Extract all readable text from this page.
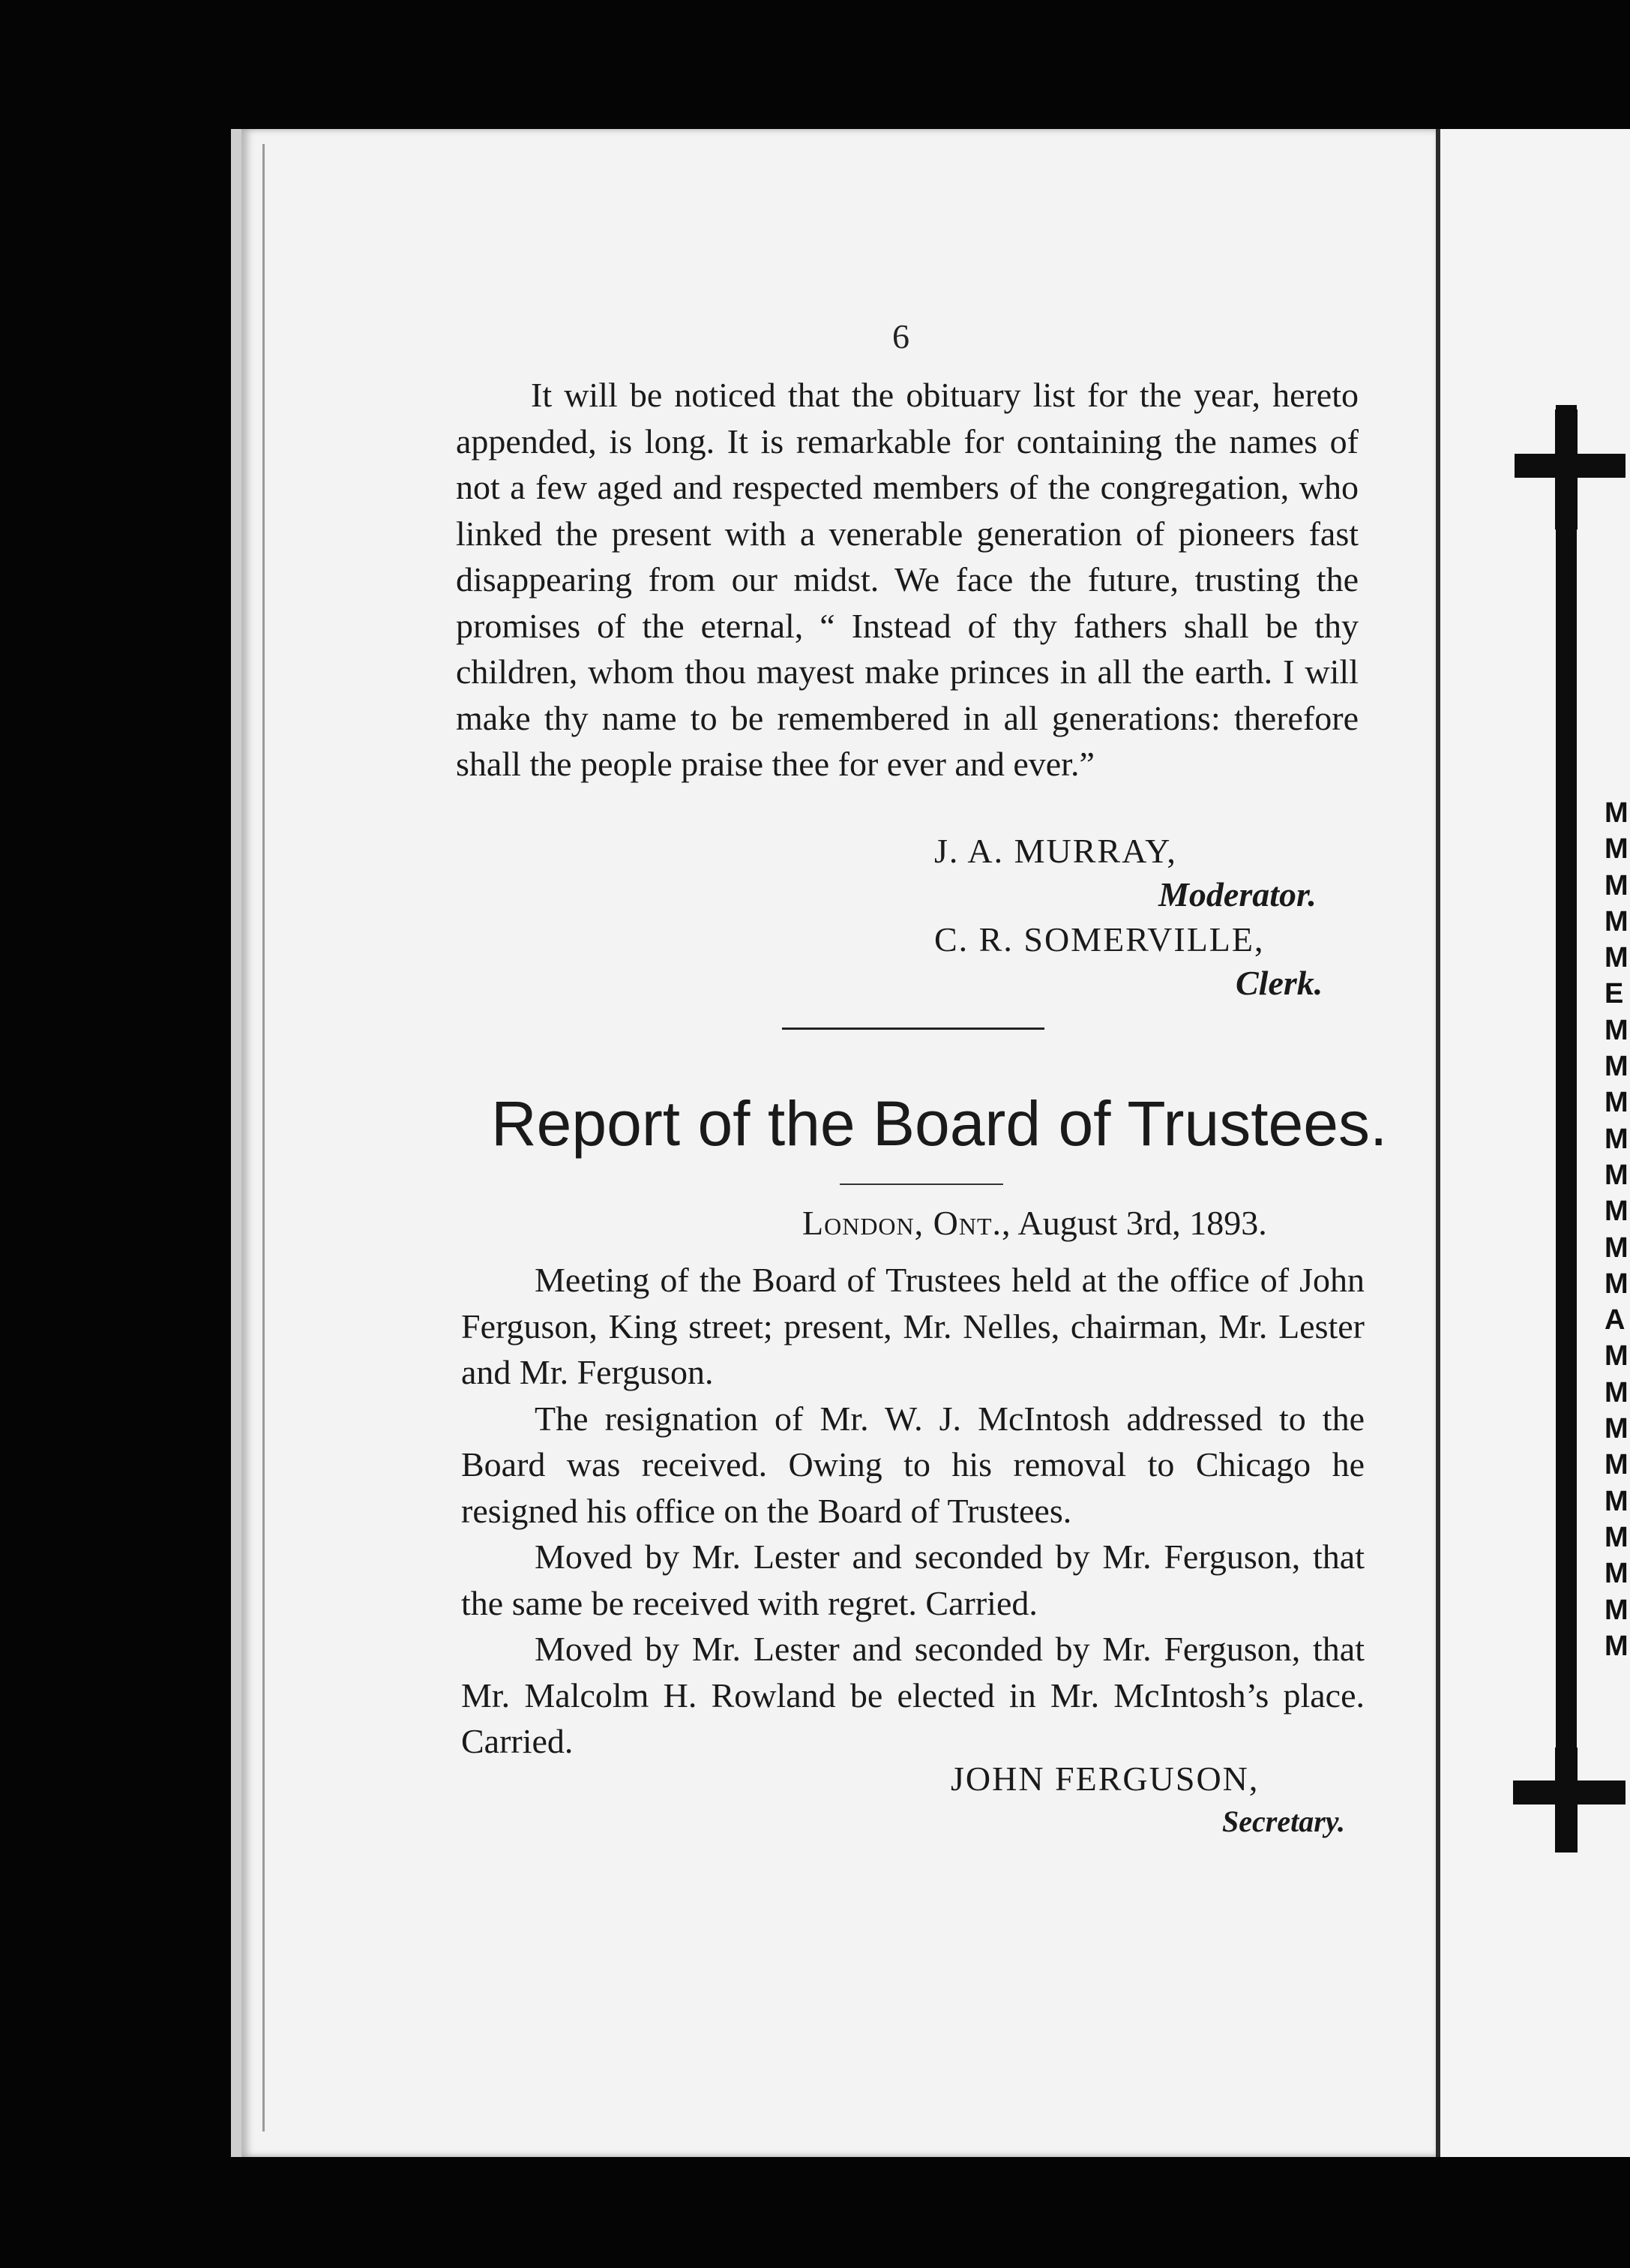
M
M
M
M
M
E
M
M
M
M
M
M
M
M
A
M
M
M
M
M
M
M
M
M
6
It will be noticed that the obituary list for the year, hereto appended, is long. It is remarkable for containing the names of not a few aged and respected members of the congregation, who linked the present with a venerable generation of pioneers fast disappearing from our midst. We face the future, trusting the promises of the eternal, “ Instead of thy fathers shall be thy children, whom thou mayest make princes in all the earth. I will make thy name to be remembered in all generations: therefore shall the people praise thee for ever and ever.”
J. A. MURRAY,
Moderator.
C. R. SOMERVILLE,
Clerk.
Report of the Board of Trustees.
London, Ont., August 3rd, 1893.

Meeting of the Board of Trustees held at the office of John Ferguson, King street; present, Mr. Nelles, chairman, Mr. Lester and Mr. Ferguson.

The resignation of Mr. W. J. McIntosh addressed to the Board was received. Owing to his removal to Chicago he resigned his office on the Board of Trustees.

Moved by Mr. Lester and seconded by Mr. Ferguson, that the same be received with regret. Carried.

Moved by Mr. Lester and seconded by Mr. Ferguson, that Mr. Malcolm H. Rowland be elected in Mr. McIntosh’s place. Carried.

JOHN FERGUSON,
Secretary.
